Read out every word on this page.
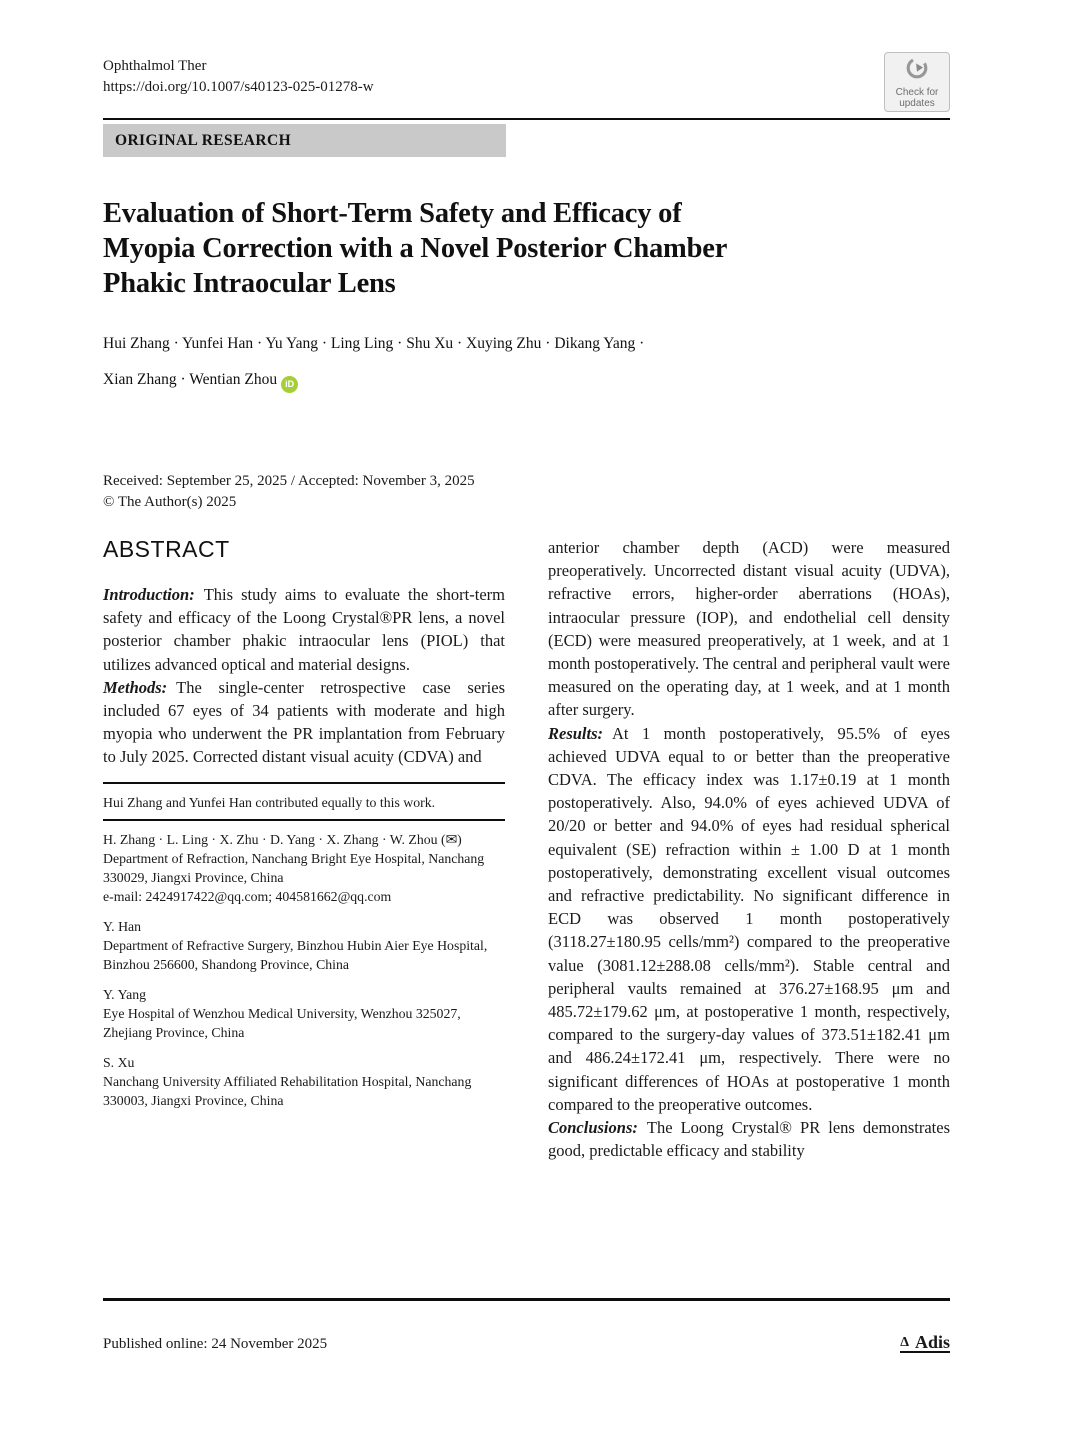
Ophthalmol Ther
https://doi.org/10.1007/s40123-025-01278-w	Check for
updates
ORIGINAL RESEARCH
Evaluation of Short-Term Safety and Efficacy of Myopia Correction with a Novel Posterior Chamber Phakic Intraocular Lens
Hui Zhang · Yunfei Han · Yu Yang · Ling Ling · Shu Xu · Xuying Zhu · Dikang Yang ·
Xian Zhang · Wentian Zhou iD
Received: September 25, 2025 / Accepted: November 3, 2025
© The Author(s) 2025
ABSTRACT

Introduction: This study aims to evaluate the short-term safety and efficacy of the Loong Crystal®PR lens, a novel posterior chamber phakic intraocular lens (PIOL) that utilizes advanced optical and material designs.

Methods: The single-center retrospective case series included 67 eyes of 34 patients with moderate and high myopia who underwent the PR implantation from February to July 2025. Corrected distant visual acuity (CDVA) and

Hui Zhang and Yunfei Han contributed equally to this work.

H. Zhang · L. Ling · X. Zhu · D. Yang · X. Zhang · W. Zhou (✉)
Department of Refraction, Nanchang Bright Eye Hospital, Nanchang 330029, Jiangxi Province, China
e-mail: 2424917422@qq.com; 404581662@qq.com
Y. Han
Department of Refractive Surgery, Binzhou Hubin Aier Eye Hospital, Binzhou 256600, Shandong Province, China
Y. Yang
Eye Hospital of Wenzhou Medical University, Wenzhou 325027, Zhejiang Province, China
S. Xu
Nanchang University Affiliated Rehabilitation Hospital, Nanchang 330003, Jiangxi Province, China

anterior chamber depth (ACD) were measured preoperatively. Uncorrected distant visual acuity (UDVA), refractive errors, higher-order aberrations (HOAs), intraocular pressure (IOP), and endothelial cell density (ECD) were measured preoperatively, at 1 week, and at 1 month postoperatively. The central and peripheral vault were measured on the operating day, at 1 week, and at 1 month after surgery.

Results: At 1 month postoperatively, 95.5% of eyes achieved UDVA equal to or better than the preoperative CDVA. The efficacy index was 1.17±0.19 at 1 month postoperatively. Also, 94.0% of eyes achieved UDVA of 20/20 or better and 94.0% of eyes had residual spherical equivalent (SE) refraction within ± 1.00 D at 1 month postoperatively, demonstrating excellent visual outcomes and refractive predictability. No significant difference in ECD was observed 1 month postoperatively (3118.27±180.95 cells/mm²) compared to the preoperative value (3081.12±288.08 cells/mm²). Stable central and peripheral vaults remained at 376.27±168.95 μm and 485.72±179.62 μm, at postoperative 1 month, respectively, compared to the surgery-day values of 373.51±182.41 μm and 486.24±172.41 μm, respectively. There were no significant differences of HOAs at postoperative 1 month compared to the preoperative outcomes.

Conclusions: The Loong Crystal® PR lens demonstrates good, predictable efficacy and stability

Published online: 24 November 2025	Δ Adis
